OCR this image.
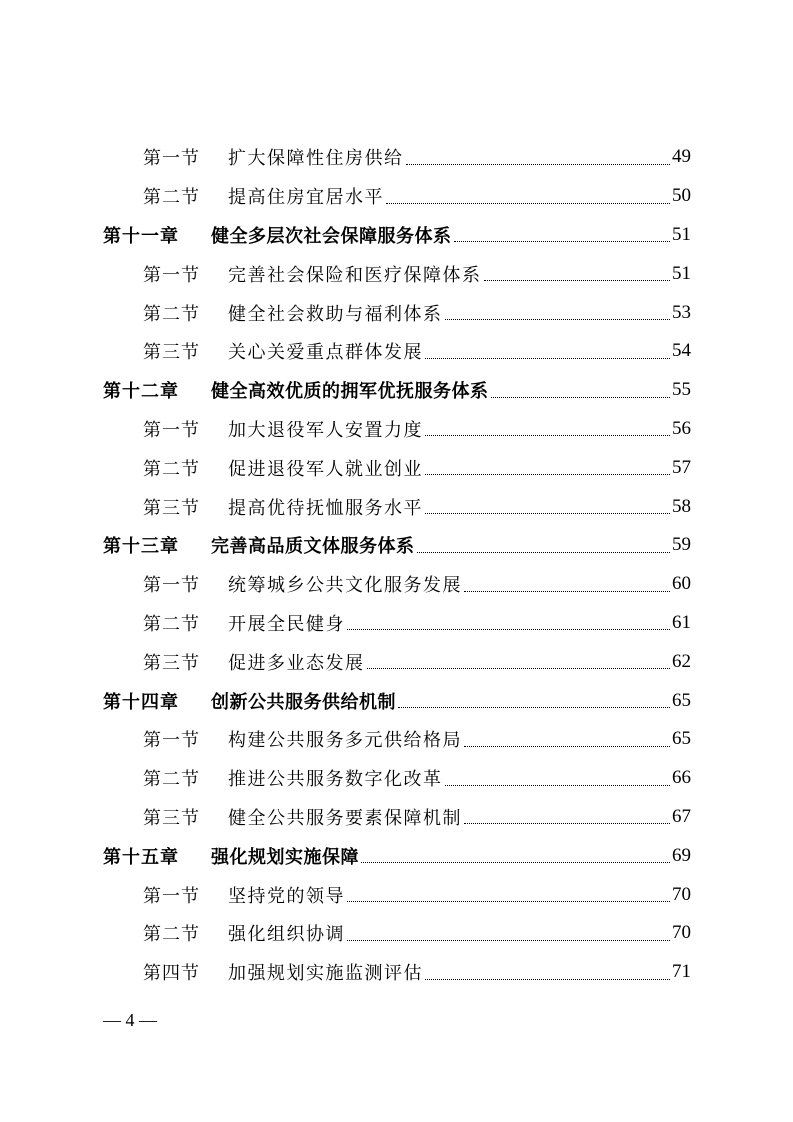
第一节 扩大保障性住房供给	49
第二节 提高住房宜居水平	50
第十一章 健全多层次社会保障服务体系	51
第一节 完善社会保险和医疗保障体系	51
第二节 健全社会救助与福利体系	53
第三节 关心关爱重点群体发展	54
第十二章 健全高效优质的拥军优抚服务体系	55
第一节 加大退役军人安置力度	56
第二节 促进退役军人就业创业	57
第三节 提高优待抚恤服务水平	58
第十三章 完善高品质文体服务体系	59
第一节 统筹城乡公共文化服务发展	60
第二节 开展全民健身	61
第三节 促进多业态发展	62
第十四章 创新公共服务供给机制	65
第一节 构建公共服务多元供给格局	65
第二节 推进公共服务数字化改革	66
第三节 健全公共服务要素保障机制	67
第十五章 强化规划实施保障	69
第一节 坚持党的领导	70
第二节 强化组织协调	70
第四节 加强规划实施监测评估	71
— 4 —
